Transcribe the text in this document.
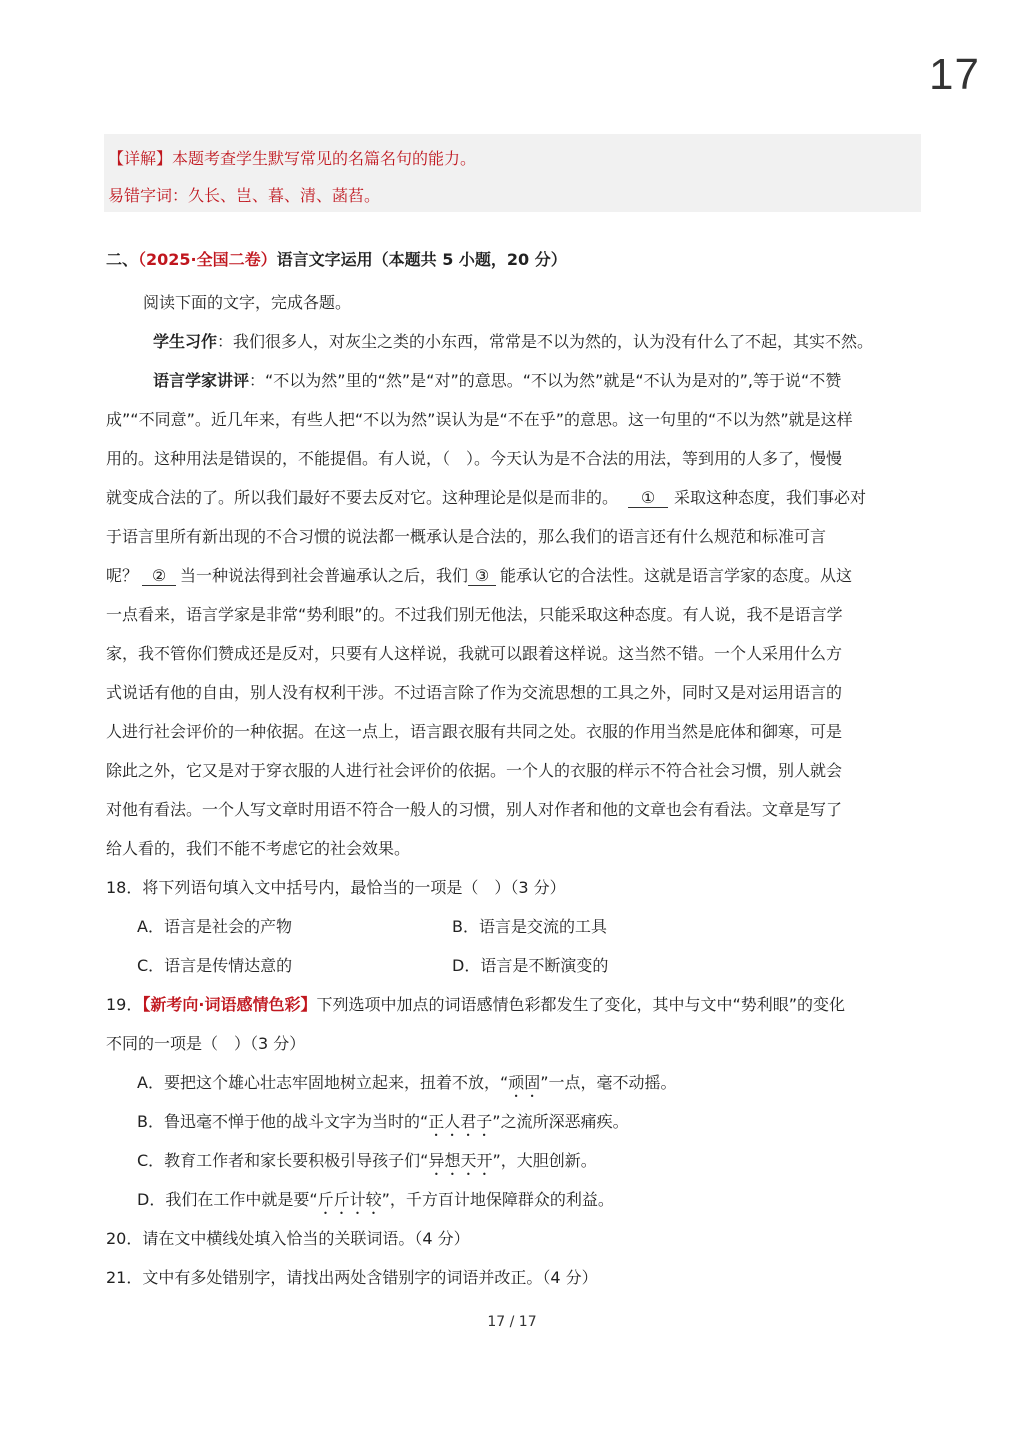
17

【详解】本题考查学生默写常见的名篇名句的能力。

易错字词：久长、岂、暮、清、菡萏。

二、（2025·全国二卷）语言文字运用（本题共 5 小题，20 分）
阅读下面的文字，完成各题。
学生习作：我们很多人，对灰尘之类的小东西，常常是不以为然的，认为没有什么了不起，其实不然。
语言学家讲评：“不以为然”里的“然”是“对”的意思。“不以为然”就是“不认为是对的”,等于说“不赞
成”“不同意”。近几年来，有些人把“不以为然”误认为是“不在乎”的意思。这一句里的“不以为然”就是这样
用的。这种用法是错误的，不能提倡。有人说，（　）。今天认为是不合法的用法，等到用的人多了，慢慢
就变成合法的了。所以我们最好不要去反对它。这种理论是似是而非的。 ① 采取这种态度，我们事必对
于语言里所有新出现的不合习惯的说法都一概承认是合法的，那么我们的语言还有什么规范和标准可言
呢？ ② 当一种说法得到社会普遍承认之后，我们 ③ 能承认它的合法性。这就是语言学家的态度。从这
一点看来，语言学家是非常“势利眼”的。不过我们别无他法，只能采取这种态度。有人说，我不是语言学
家，我不管你们赞成还是反对，只要有人这样说，我就可以跟着这样说。这当然不错。一个人采用什么方
式说话有他的自由，别人没有权利干涉。不过语言除了作为交流思想的工具之外，同时又是对运用语言的
人进行社会评价的一种依据。在这一点上，语言跟衣服有共同之处。衣服的作用当然是庇体和御寒，可是
除此之外，它又是对于穿衣服的人进行社会评价的依据。一个人的衣服的样示不符合社会习惯，别人就会
对他有看法。一个人写文章时用语不符合一般人的习惯，别人对作者和他的文章也会有看法。文章是写了
给人看的，我们不能不考虑它的社会效果。
18．将下列语句填入文中括号内，最恰当的一项是（　）（3 分）
A．语言是社会的产物	B．语言是交流的工具
C．语言是传情达意的	D．语言是不断演变的
19．【新考向·词语感情色彩】下列选项中加点的词语感情色彩都发生了变化，其中与文中“势利眼”的变化
不同的一项是（　）（3 分）
A．要把这个雄心壮志牢固地树立起来，扭着不放，“顽固”一点，毫不动摇。
B．鲁迅毫不惮于他的战斗文字为当时的“正人君子”之流所深恶痛疾。
C．教育工作者和家长要积极引导孩子们“异想天开”，大胆创新。
D．我们在工作中就是要“斤斤计较”，千方百计地保障群众的利益。
20．请在文中横线处填入恰当的关联词语。（4 分）
21．文中有多处错别字，请找出两处含错别字的词语并改正。（4 分）
17 / 17
